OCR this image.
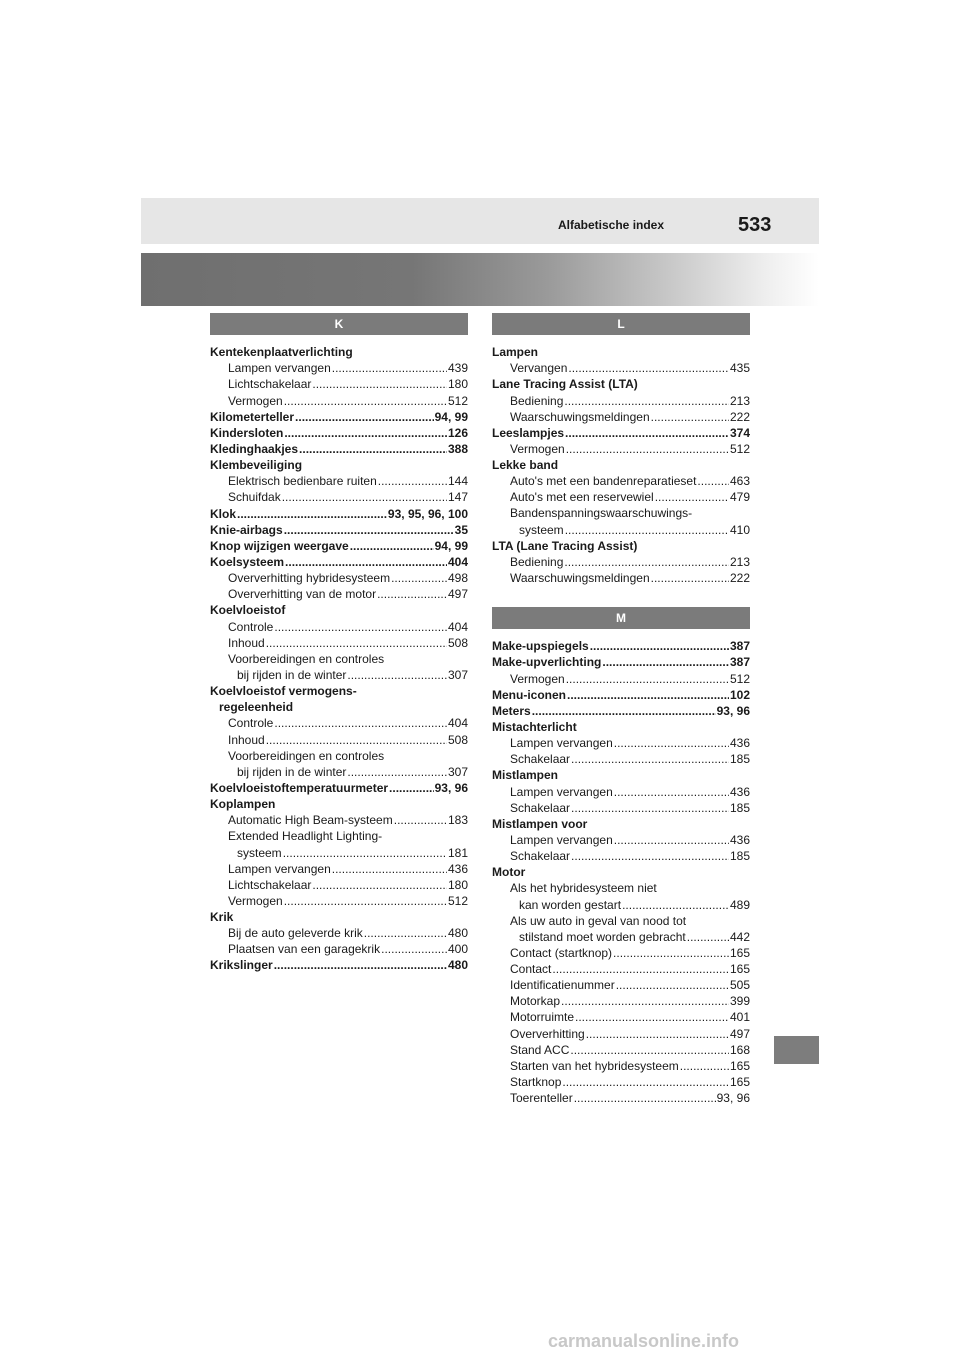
Alfabetische index	533
K
Kentekenplaatverlichting
Lampen vervangen .....	439
Lichtschakelaar .....	180
Vermogen .....	512
Kilometerteller .....	94, 99
Kindersloten .....	126
Kledinghaakjes .....	388
Klembeveiliging
Elektrisch bedienbare ruiten .....	144
Schuifdak .....	147
Klok .....	93, 95, 96, 100
Knie-airbags .....	35
Knop wijzigen weergave .....	94, 99
Koelsysteem .....	404
Oververhitting hybridesysteem .....	498
Oververhitting van de motor .....	497
Koelvloeistof
Controle .....	404
Inhoud .....	508
Voorbereidingen en controles
bij rijden in de winter .....	307
Koelvloeistof vermogens-
regeleenheid
Controle .....	404
Inhoud .....	508
Voorbereidingen en controles
bij rijden in de winter .....	307
Koelvloeistoftemperatuurmeter .....	93, 96
Koplampen
Automatic High Beam-systeem .....	183
Extended Headlight Lighting-
systeem .....	181
Lampen vervangen .....	436
Lichtschakelaar .....	180
Vermogen .....	512
Krik
Bij de auto geleverde krik .....	480
Plaatsen van een garagekrik .....	400
Krikslinger .....	480
L
Lampen
Vervangen .....	435
Lane Tracing Assist (LTA)
Bediening .....	213
Waarschuwingsmeldingen .....	222
Leeslampjes .....	374
Vermogen .....	512
Lekke band
Auto's met een bandenreparatieset .....	463
Auto's met een reservewiel .....	479
Bandenspanningswaarschuwings-
systeem .....	410
LTA (Lane Tracing Assist)
Bediening .....	213
Waarschuwingsmeldingen .....	222
M
Make-upspiegels .....	387
Make-upverlichting .....	387
Vermogen .....	512
Menu-iconen .....	102
Meters .....	93, 96
Mistachterlicht
Lampen vervangen .....	436
Schakelaar .....	185
Mistlampen
Lampen vervangen .....	436
Schakelaar .....	185
Mistlampen voor
Lampen vervangen .....	436
Schakelaar .....	185
Motor
Als het hybridesysteem niet
kan worden gestart .....	489
Als uw auto in geval van nood tot
stilstand moet worden gebracht .....	442
Contact (startknop) .....	165
Contact .....	165
Identificatienummer .....	505
Motorkap .....	399
Motorruimte .....	401
Oververhitting .....	497
Stand ACC .....	168
Starten van het hybridesysteem .....	165
Startknop .....	165
Toerenteller .....	93, 96
carmanualsonline.info
